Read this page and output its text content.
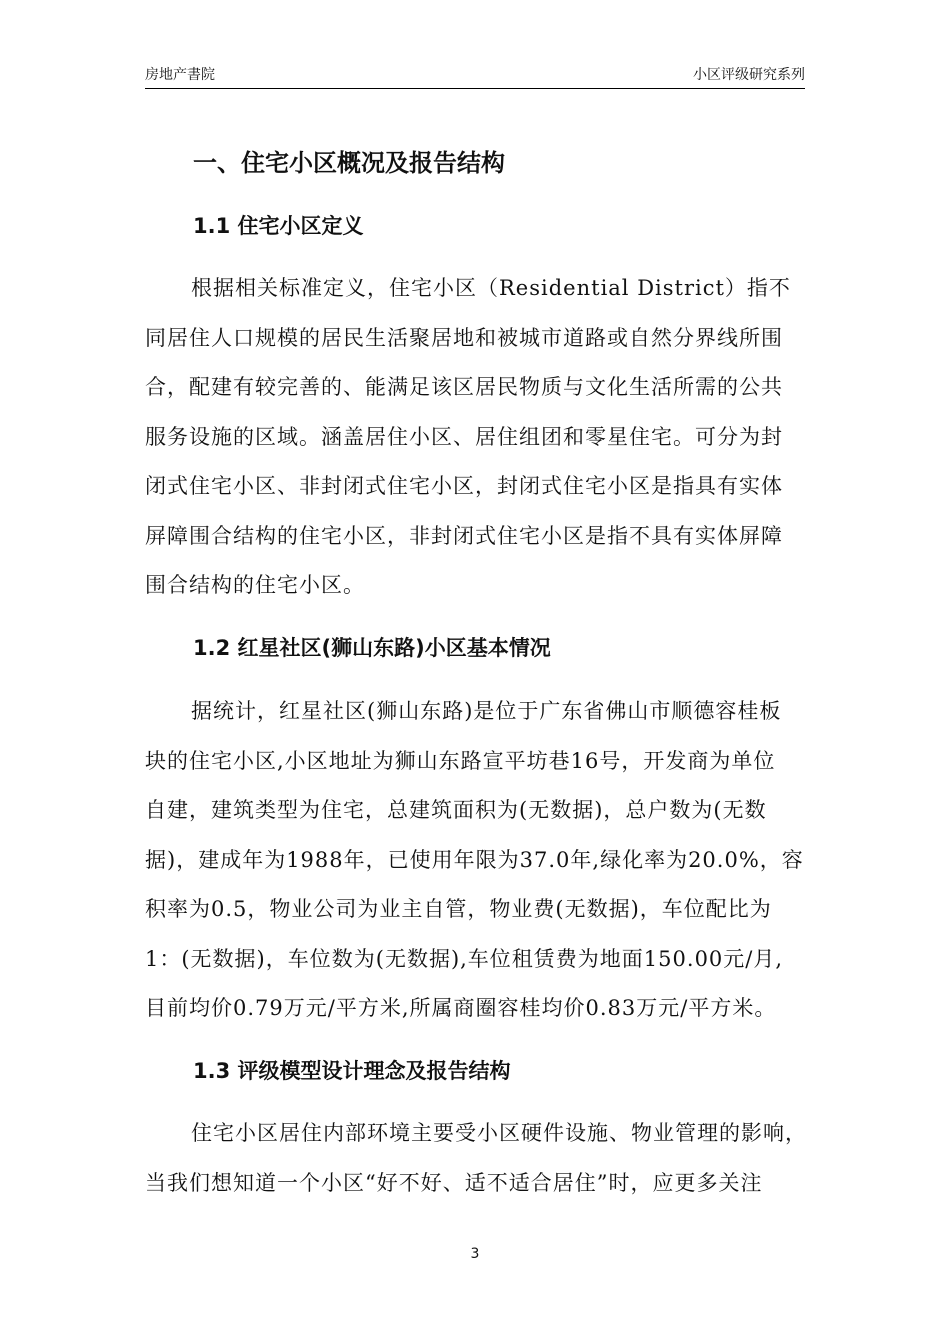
房地产書院	小区评级研究系列
一、住宅小区概况及报告结构
1.1 住宅小区定义
根据相关标准定义，住宅小区（Residential District）指不
同居住人口规模的居民生活聚居地和被城市道路或自然分界线所围
合，配建有较完善的、能满足该区居民物质与文化生活所需的公共
服务设施的区域。涵盖居住小区、居住组团和零星住宅。可分为封
闭式住宅小区、非封闭式住宅小区，封闭式住宅小区是指具有实体
屏障围合结构的住宅小区，非封闭式住宅小区是指不具有实体屏障
围合结构的住宅小区。
1.2 红星社区(狮山东路)小区基本情况
据统计，红星社区(狮山东路)是位于广东省佛山市顺德容桂板
块的住宅小区,小区地址为狮山东路宣平坊巷16号，开发商为单位
自建，建筑类型为住宅，总建筑面积为(无数据)，总户数为(无数
据)，建成年为1988年，已使用年限为37.0年,绿化率为20.0%，容
积率为0.5，物业公司为业主自管，物业费(无数据)，车位配比为
1：(无数据)，车位数为(无数据),车位租赁费为地面150.00元/月,
目前均价0.79万元/平方米,所属商圈容桂均价0.83万元/平方米。
1.3 评级模型设计理念及报告结构
住宅小区居住内部环境主要受小区硬件设施、物业管理的影响，
当我们想知道一个小区“好不好、适不适合居住”时，应更多关注
3
